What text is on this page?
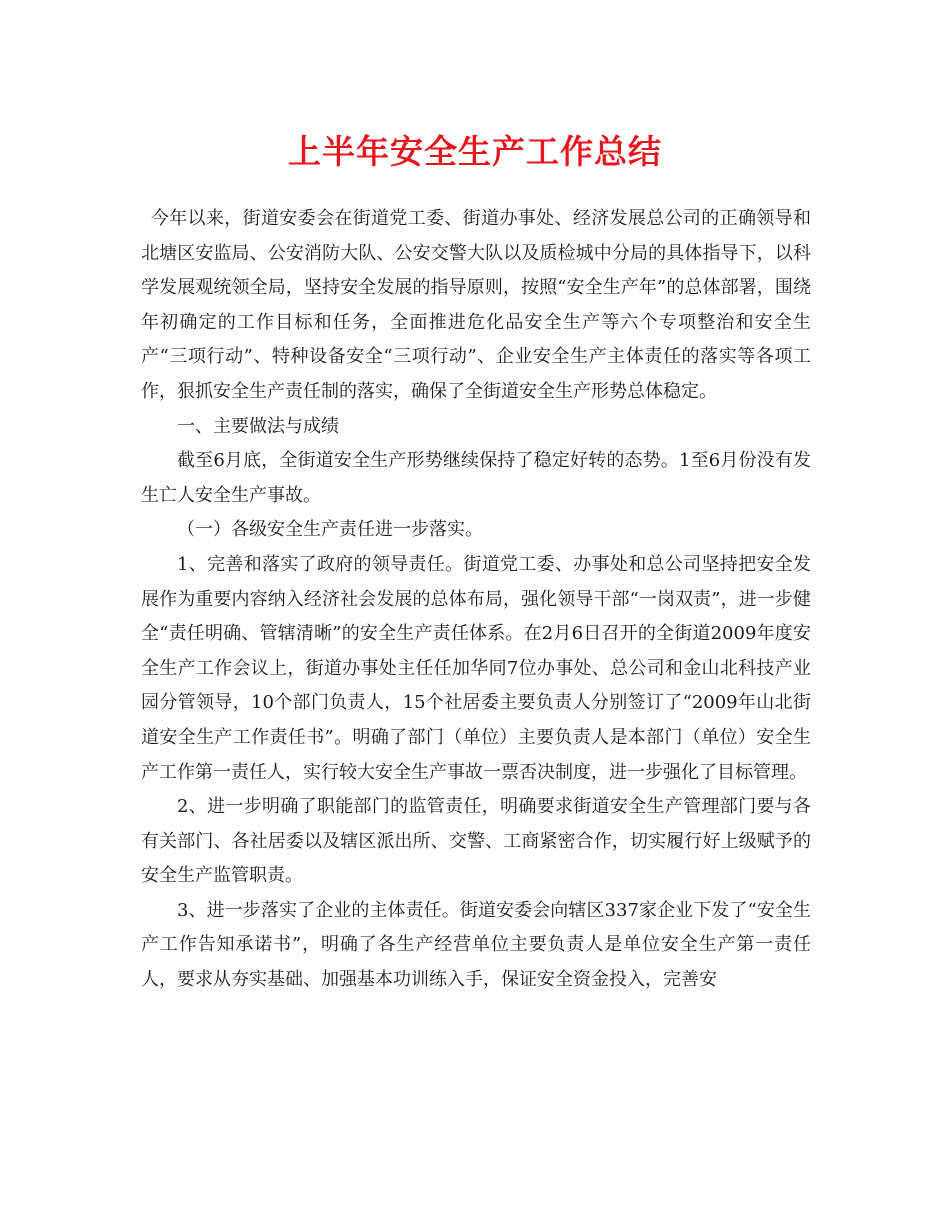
上半年安全生产工作总结

今年以来，街道安委会在街道党工委、街道办事处、经济发展总公司的正确领导和北塘区安监局、公安消防大队、公安交警大队以及质检城中分局的具体指导下，以科学发展观统领全局，坚持安全发展的指导原则，按照“安全生产年”的总体部署，围绕年初确定的工作目标和任务，全面推进危化品安全生产等六个专项整治和安全生产“三项行动”、特种设备安全“三项行动”、企业安全生产主体责任的落实等各项工作，狠抓安全生产责任制的落实，确保了全街道安全生产形势总体稳定。

一、主要做法与成绩

截至6月底，全街道安全生产形势继续保持了稳定好转的态势。1至6月份没有发生亡人安全生产事故。

（一）各级安全生产责任进一步落实。

1、完善和落实了政府的领导责任。街道党工委、办事处和总公司坚持把安全发展作为重要内容纳入经济社会发展的总体布局，强化领导干部“一岗双责”，进一步健全“责任明确、管辖清晰”的安全生产责任体系。在2月6日召开的全街道2009年度安全生产工作会议上，街道办事处主任任加华同7位办事处、总公司和金山北科技产业园分管领导，10个部门负责人，15个社居委主要负责人分别签订了“2009年山北街道安全生产工作责任书”。明确了部门（单位）主要负责人是本部门（单位）安全生产工作第一责任人，实行较大安全生产事故一票否决制度，进一步强化了目标管理。

2、进一步明确了职能部门的监管责任，明确要求街道安全生产管理部门要与各有关部门、各社居委以及辖区派出所、交警、工商紧密合作，切实履行好上级赋予的安全生产监管职责。

3、进一步落实了企业的主体责任。街道安委会向辖区337家企业下发了“安全生产工作告知承诺书”，明确了各生产经营单位主要负责人是单位安全生产第一责任人，要求从夯实基础、加强基本功训练入手，保证安全资金投入，完善安
